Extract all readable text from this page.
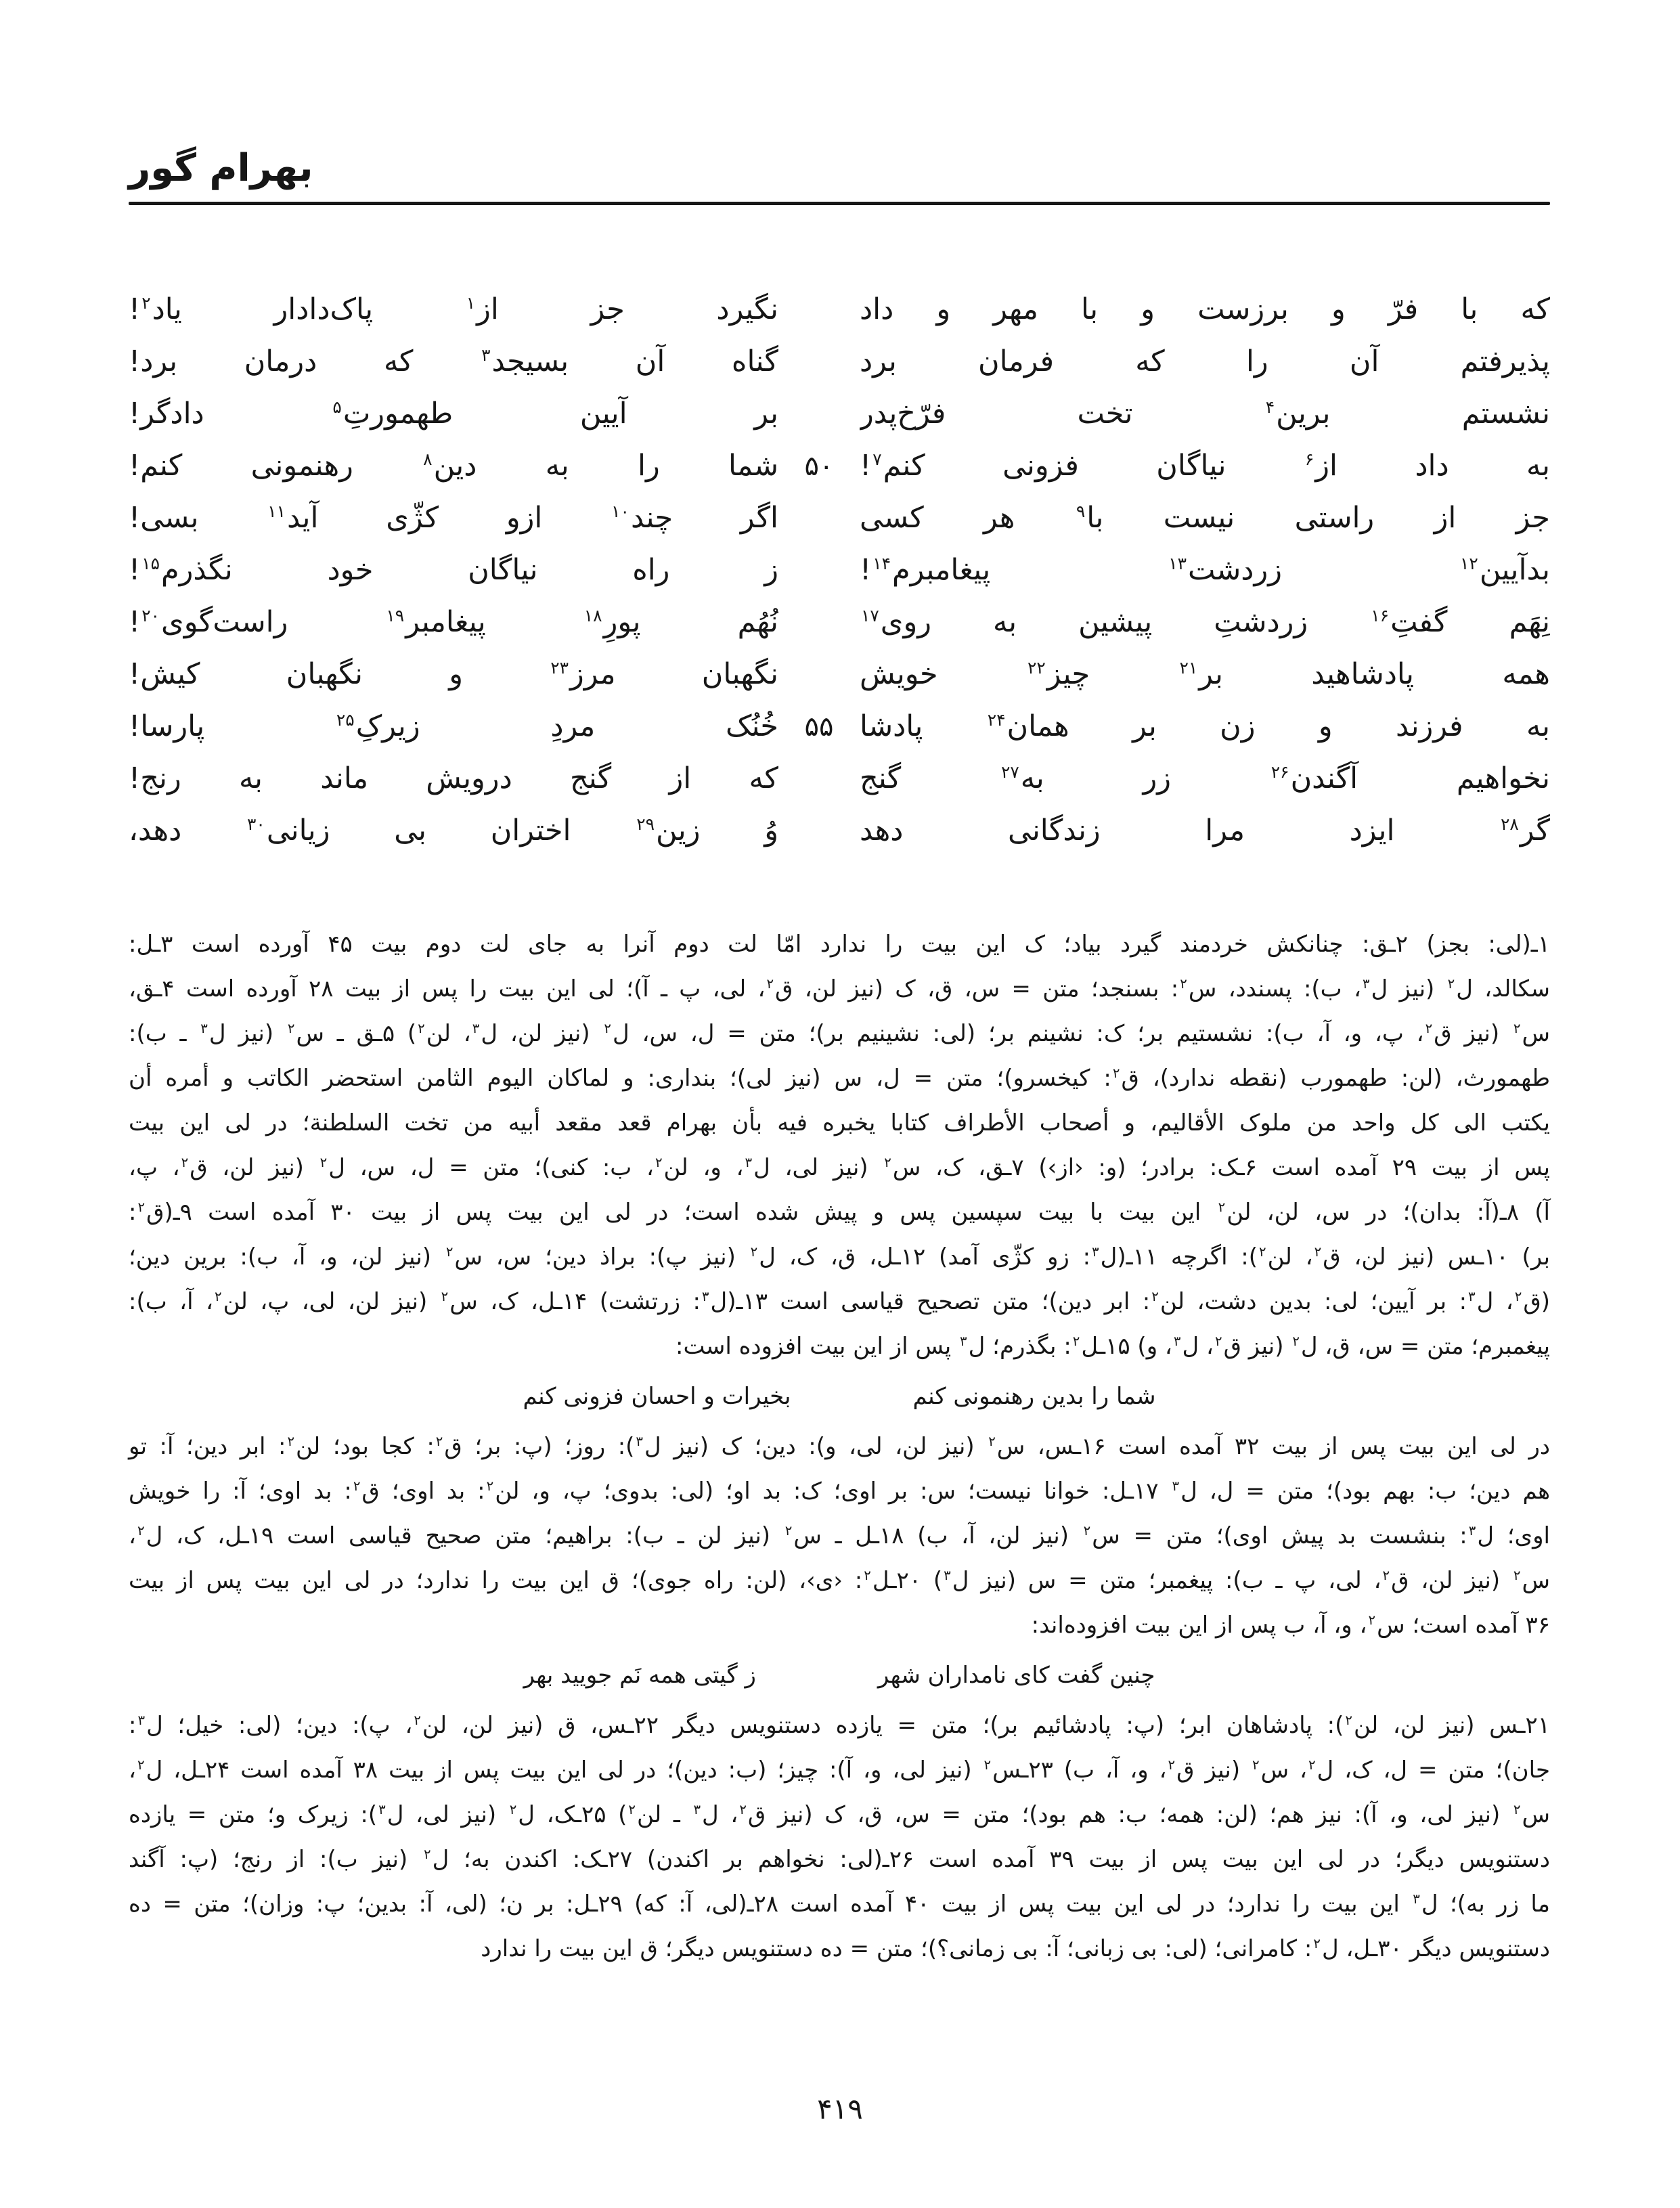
بهرام گور
که با فرّ و برزست و با مهر و داد
نگیرد جز از$^۱$ پاک‌دادار یاد$^۲$!
پذیرفتم آن را که فرمان برد
گناه آن بسیجد$^۳$ که درمان برد!
نشستم برین$^۴$ تخت فرّخ‌پدر
بر آیین طهمورتِ$^۵$ دادگر!
به داد از$^۶$ نیاگان فزونی کنم$^۷$!
۵۰
شما را به دین$^۸$ رهنمونی کنم!
جز از راستی نیست با$^۹$ هر کسی
اگر چند$^{۱۰}$ ازو کژّی آید$^{۱۱}$ بسی!
بدآیین$^{۱۲}$ زردشت$^{۱۳}$ پیغامبرم$^{۱۴}$!
ز راه نیاگان خود نگذرم$^{۱۵}$!
نِهَم گفتِ$^{۱۶}$ زردشتِ پیشین به روی$^{۱۷}$
نُهُم پورِ$^{۱۸}$ پیغامبر$^{۱۹}$ راست‌گوی$^{۲۰}$!
همه پادشاهید بر$^{۲۱}$ چیز$^{۲۲}$ خویش
نگهبان مرز$^{۲۳}$ و نگهبان کیش!
به فرزند و زن بر همان$^{۲۴}$ پادشا
۵۵
خُنُک مردِ زیرکِ$^{۲۵}$ پارسا!
نخواهیم آگندن$^{۲۶}$ زر به$^{۲۷}$ گنج
که از گنج درویش ماند به رنج!
گر$^{۲۸}$ ایزد مرا زندگانی دهد
وُ زین$^{۲۹}$ اختران بی زیانی$^{۳۰}$ دهد،

۱ـ(لی: بجز) ۲ـق: چنانکش خردمند گیرد بیاد؛ ک این بیت را ندارد امّا لت دوم آنرا به جای لت دوم بیت ۴۵ آورده است ۳ـل:

سکالد، ل$^۲$ (نیز ل$^۳$، ب): پسندد، س$^۲$: بسنجد؛ متن = س، ق، ک (نیز لن، ق$^۲$، لی، پ ـ آ)؛ لی این بیت را پس از بیت ۲۸ آورده است ۴ـق،

س$^۲$ (نیز ق$^۲$، پ، و، آ، ب): نشستیم بر؛ ک: نشینم بر؛ (لی: نشینیم بر)؛ متن = ل، س، ل$^۲$ (نیز لن، ل$^۳$، لن$^۲$) ۵ـق ـ س$^۲$ (نیز ل$^۳$ ـ ب):

طهمورث، (لن: طهمورب (نقطه ندارد)، ق$^۲$: کیخسرو)؛ متن = ل، س (نیز لی)؛ بنداری: و لماکان الیوم الثامن استحضر الکاتب و أمره أن

یکتب الی کل واحد من ملوک الأقالیم، و أصحاب الأطراف کتابا یخبره فیه بأن بهرام قعد مقعد أبیه من تخت السلطنة؛ در لی این بیت

پس از بیت ۲۹ آمده است ۶ـک: برادر؛ (و: ‹از›) ۷ـق، ک، س$^۲$ (نیز لی، ل$^۳$، و، لن$^۲$، ب: کنی)؛ متن = ل، س، ل$^۲$ (نیز لن، ق$^۲$، پ،

آ) ۸ـ(آ: بدان)؛ در س، لن، لن$^۲$ این بیت با بیت سپسین پس و پیش شده است؛ در لی این بیت پس از بیت ۳۰ آمده است ۹ـ(ق$^۲$:

بر) ۱۰ـس (نیز لن، ق$^۲$، لن$^۲$): اگرچه ۱۱ـ(ل$^۳$: زو کژّی آمد) ۱۲ـل، ق، ک، ل$^۲$ (نیز پ): براذ دین؛ س، س$^۲$ (نیز لن، و، آ، ب): برین دین؛

(ق$^۲$، ل$^۳$: بر آیین؛ لی: بدین دشت، لن$^۲$: ابر دین)؛ متن تصحیح قیاسی است ۱۳ـ(ل$^۳$: زرتشت) ۱۴ـل، ک، س$^۲$ (نیز لن، لی، پ، لن$^۲$، آ، ب):

پیغمبرم؛ متن = س، ق، ل$^۲$ (نیز ق$^۲$، ل$^۳$، و) ۱۵ـل$^۲$: بگذرم؛ ل$^۳$ پس از این بیت افزوده است:

شما را بدین رهنمونی کنم
بخیرات و احسان فزونی کنم

در لی این بیت پس از بیت ۳۲ آمده است ۱۶ـس، س$^۲$ (نیز لن، لی، و): دین؛ ک (نیز ل$^۳$): روز؛ (پ: بر؛ ق$^۲$: کجا بود؛ لن$^۲$: ابر دین؛ آ: تو

هم دین؛ ب: بهم بود)؛ متن = ل، ل$^۳$ ۱۷ـل: خوانا نیست؛ س: بر اوی؛ ک: بد او؛ (لی: بدوی؛ پ، و، لن$^۲$: بد اوی؛ ق$^۲$: بد اوی؛ آ: را خویش

اوی؛ ل$^۳$: بنشست بد پیش اوی)؛ متن = س$^۲$ (نیز لن، آ، ب) ۱۸ـل ـ س$^۲$ (نیز لن ـ ب): براهیم؛ متن صحیح قیاسی است ۱۹ـل، ک، ل$^۲$،

س$^۲$ (نیز لن، ق$^۲$، لی، پ ـ ب): پیغمبر؛ متن = س (نیز ل$^۳$) ۲۰ـل$^۲$: ‹ی›، (لن: راه جوی)؛ ق این بیت را ندارد؛ در لی این بیت پس از بیت

۳۶ آمده است؛ س$^۲$، و، آ، ب پس از این بیت افزوده‌اند:

چنین گفت کای نامداران شهر
ز گیتی همه نَم جویید بهر

۲۱ـس (نیز لن، لن$^۲$): پادشاهان ابر؛ (پ: پادشائیم بر)؛ متن = یازده دستنویس دیگر ۲۲ـس، ق (نیز لن، لن$^۲$، پ): دین؛ (لی: خیل؛ ل$^۳$:

جان)؛ متن = ل، ک، ل$^۲$، س$^۲$ (نیز ق$^۲$، و، آ، ب) ۲۳ـس$^۲$ (نیز لی، و، آ): چیز؛ (ب: دین)؛ در لی این بیت پس از بیت ۳۸ آمده است ۲۴ـل، ل$^۲$،

س$^۲$ (نیز لی، و، آ): نیز هم؛ (لن: همه؛ ب: هم بود)؛ متن = س، ق، ک (نیز ق$^۲$، ل$^۳$ ـ لن$^۲$) ۲۵ـک، ل$^۲$ (نیز لی، ل$^۳$): زیرک و؛ متن = یازده

دستنویس دیگر؛ در لی این بیت پس از بیت ۳۹ آمده است ۲۶ـ(لی: نخواهم بر اکندن) ۲۷ـک: اکندن به؛ ل$^۲$ (نیز ب): از رنج؛ (پ: آگند

ما زر به)؛ ل$^۳$ این بیت را ندارد؛ در لی این بیت پس از بیت ۴۰ آمده است ۲۸ـ(لی، آ: که) ۲۹ـل: بر ن؛ (لی، آ: بدین؛ پ: وزان)؛ متن = ده

دستنویس دیگر ۳۰ـل، ل$^۲$: کامرانی؛ (لی: بی زبانی؛ آ: بی زمانی؟)؛ متن = ده دستنویس دیگر؛ ق این بیت را ندارد

۴۱۹
